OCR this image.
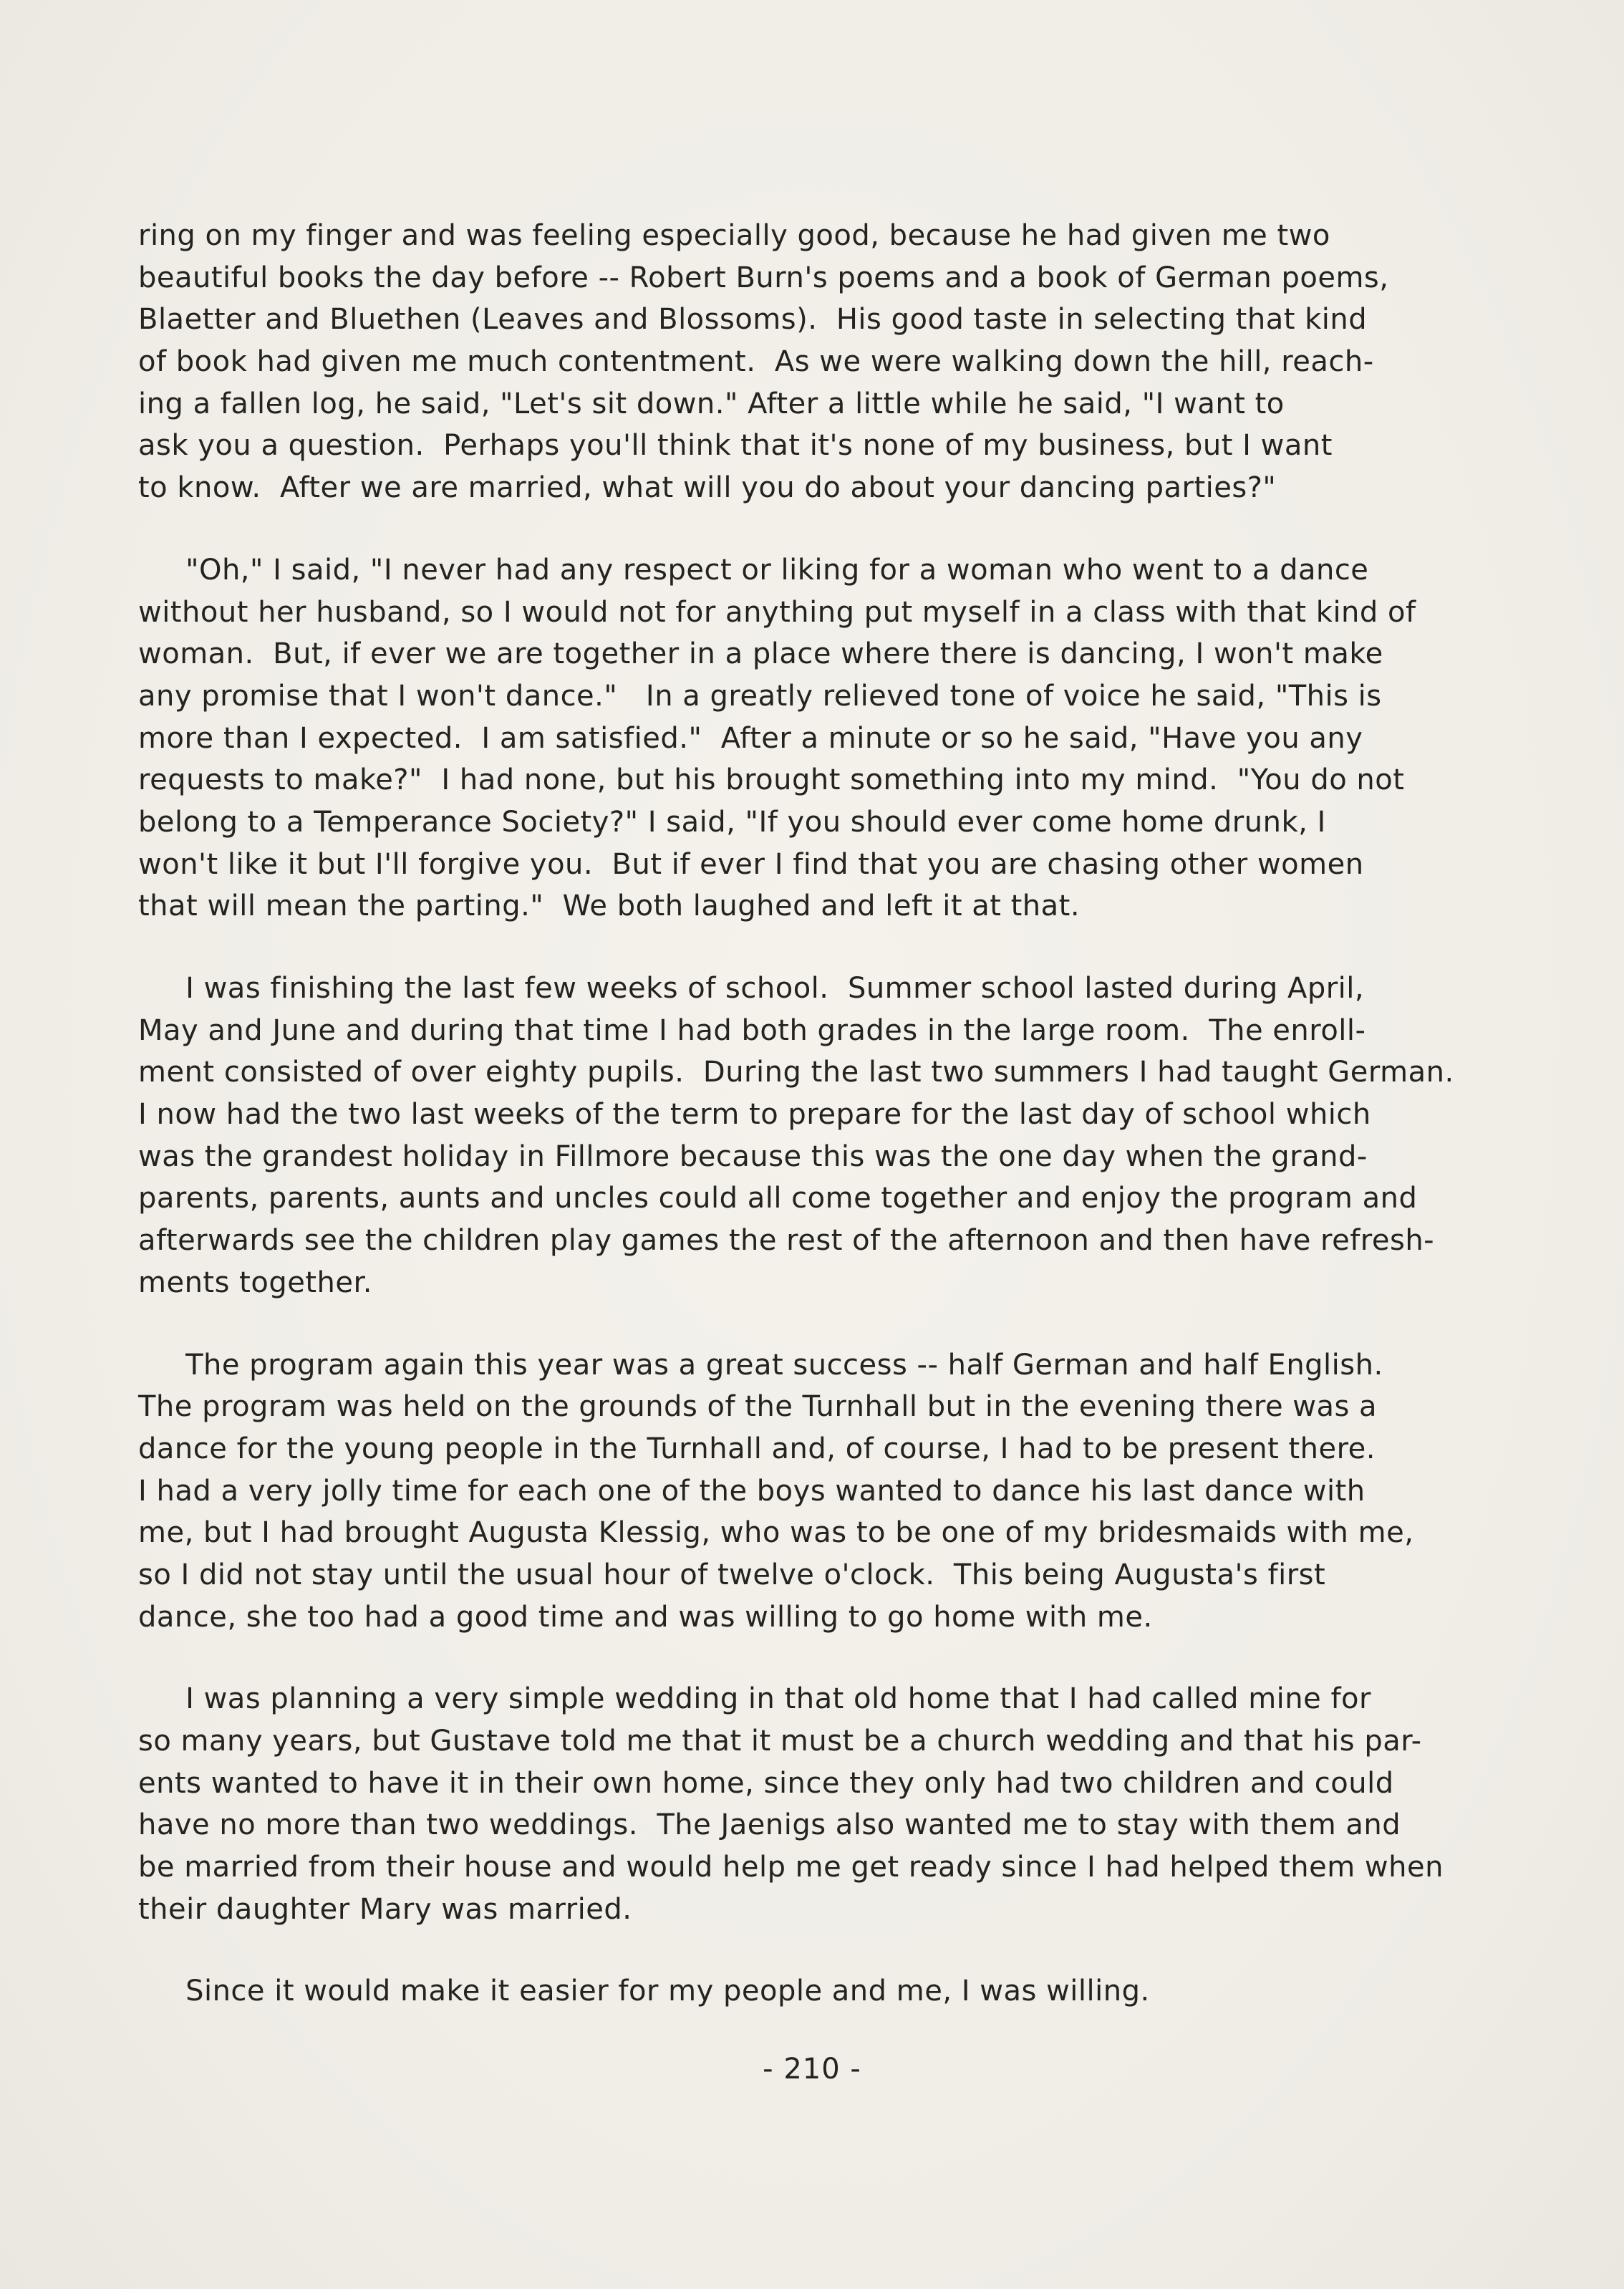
ring on my finger and was feeling especially good, because he had given me two
beautiful books the day before -- Robert Burn's poems and a book of German poems,
Blaetter and Bluethen (Leaves and Blossoms).  His good taste in selecting that kind
of book had given me much contentment.  As we were walking down the hill, reach-
ing a fallen log, he said, "Let's sit down." After a little while he said, "I want to
ask you a question.  Perhaps you'll think that it's none of my business, but I want
to know.  After we are married, what will you do about your dancing parties?"
"Oh," I said, "I never had any respect or liking for a woman who went to a dance
without her husband, so I would not for anything put myself in a class with that kind of
woman.  But, if ever we are together in a place where there is dancing, I won't make
any promise that I won't dance."   In a greatly relieved tone of voice he said, "This is
more than I expected.  I am satisfied."  After a minute or so he said, "Have you any
requests to make?"  I had none, but his brought something into my mind.  "You do not
belong to a Temperance Society?" I said, "If you should ever come home drunk, I
won't like it but I'll forgive you.  But if ever I find that you are chasing other women
that will mean the parting."  We both laughed and left it at that.
I was finishing the last few weeks of school.  Summer school lasted during April,
May and June and during that time I had both grades in the large room.  The enroll-
ment consisted of over eighty pupils.  During the last two summers I had taught German.
I now had the two last weeks of the term to prepare for the last day of school which
was the grandest holiday in Fillmore because this was the one day when the grand-
parents, parents, aunts and uncles could all come together and enjoy the program and
afterwards see the children play games the rest of the afternoon and then have refresh-
ments together.
The program again this year was a great success -- half German and half English.
The program was held on the grounds of the Turnhall but in the evening there was a
dance for the young people in the Turnhall and, of course, I had to be present there.
I had a very jolly time for each one of the boys wanted to dance his last dance with
me, but I had brought Augusta Klessig, who was to be one of my bridesmaids with me,
so I did not stay until the usual hour of twelve o'clock.  This being Augusta's first
dance, she too had a good time and was willing to go home with me.
I was planning a very simple wedding in that old home that I had called mine for
so many years, but Gustave told me that it must be a church wedding and that his par-
ents wanted to have it in their own home, since they only had two children and could
have no more than two weddings.  The Jaenigs also wanted me to stay with them and
be married from their house and would help me get ready since I had helped them when
their daughter Mary was married.
Since it would make it easier for my people and me, I was willing.
- 210 -
